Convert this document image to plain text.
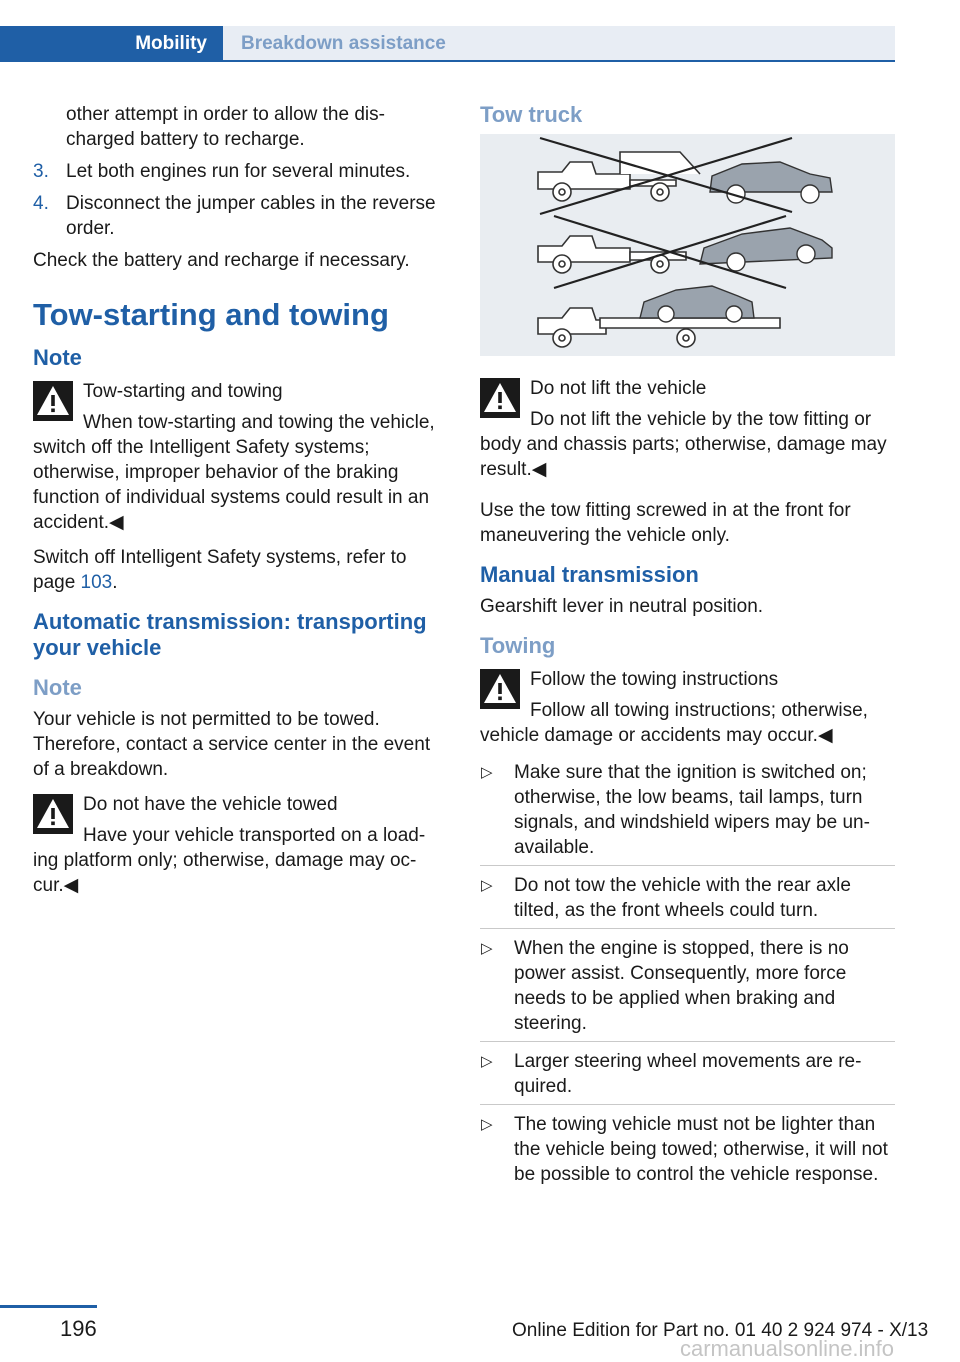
Mobility	Breakdown assistance

other attempt in order to allow the discharged battery to recharge.

3. Let both engines run for several minutes.
4. Disconnect the jumper cables in the reverse order.

Check the battery and recharge if necessary.

Tow-starting and towing
Note

Tow-starting and towing

When tow-starting and towing the vehicle, switch off the Intelligent Safety systems; otherwise, improper behavior of the braking function of individual systems could result in an accident.◀

Switch off Intelligent Safety systems, refer to page 103.

Automatic transmission: transporting your vehicle
Note

Your vehicle is not permitted to be towed. Therefore, contact a service center in the event of a breakdown.

Do not have the vehicle towed

Have your vehicle transported on a loading platform only; otherwise, damage may occur.◀

Tow truck

Do not lift the vehicle

Do not lift the vehicle by the tow fitting or body and chassis parts; otherwise, damage may result.◀

Use the tow fitting screwed in at the front for maneuvering the vehicle only.

Manual transmission

Gearshift lever in neutral position.

Towing

Follow the towing instructions

Follow all towing instructions; otherwise, vehicle damage or accidents may occur.◀

▷ Make sure that the ignition is switched on; otherwise, the low beams, tail lamps, turn signals, and windshield wipers may be unavailable.
▷ Do not tow the vehicle with the rear axle tilted, as the front wheels could turn.
▷ When the engine is stopped, there is no power assist. Consequently, more force needs to be applied when braking and steering.
▷ Larger steering wheel movements are required.
▷ The towing vehicle must not be lighter than the vehicle being towed; otherwise, it will not be possible to control the vehicle response.
196	Online Edition for Part no. 01 40 2 924 974 - X/13
carmanualsonline.info
